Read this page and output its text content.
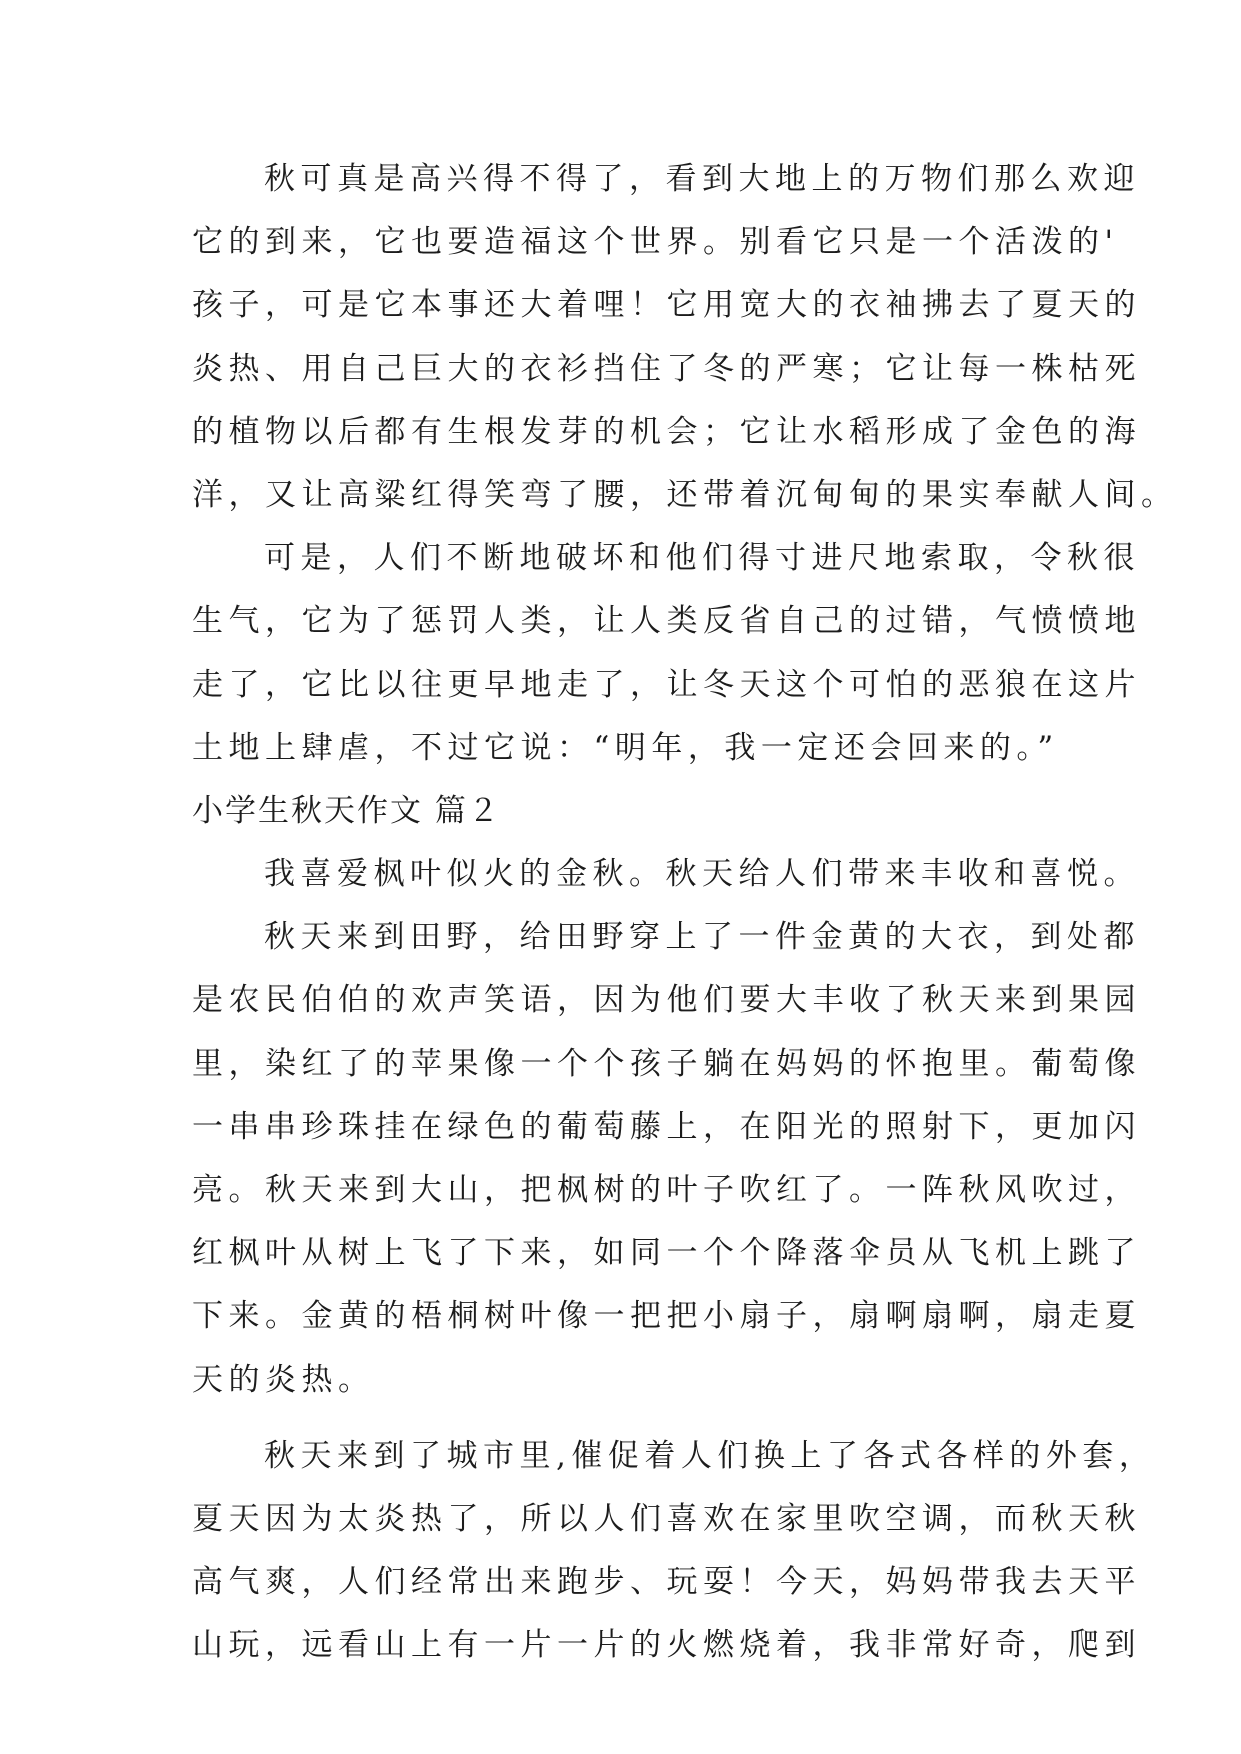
秋可真是高兴得不得了，看到大地上的万物们那么欢迎
它的到来，它也要造福这个世界。别看它只是一个活泼的'
孩子，可是它本事还大着哩！它用宽大的衣袖拂去了夏天的
炎热、用自己巨大的衣衫挡住了冬的严寒；它让每一株枯死
的植物以后都有生根发芽的机会；它让水稻形成了金色的海
洋，又让高粱红得笑弯了腰，还带着沉甸甸的果实奉献人间。
可是，人们不断地破坏和他们得寸进尺地索取，令秋很
生气，它为了惩罚人类，让人类反省自己的过错，气愤愤地
走了，它比以往更早地走了，让冬天这个可怕的恶狼在这片
土地上肆虐，不过它说：“明年，我一定还会回来的。”
小学生秋天作文 篇２
我喜爱枫叶似火的金秋。秋天给人们带来丰收和喜悦。
秋天来到田野，给田野穿上了一件金黄的大衣，到处都
是农民伯伯的欢声笑语，因为他们要大丰收了秋天来到果园
里，染红了的苹果像一个个孩子躺在妈妈的怀抱里。葡萄像
一串串珍珠挂在绿色的葡萄藤上，在阳光的照射下，更加闪
亮。秋天来到大山，把枫树的叶子吹红了。一阵秋风吹过，
红枫叶从树上飞了下来，如同一个个降落伞员从飞机上跳了
下来。金黄的梧桐树叶像一把把小扇子，扇啊扇啊，扇走夏
天的炎热。
秋天来到了城市里,催促着人们换上了各式各样的外套，
夏天因为太炎热了，所以人们喜欢在家里吹空调，而秋天秋
高气爽，人们经常出来跑步、玩耍！今天，妈妈带我去天平
山玩，远看山上有一片一片的火燃烧着，我非常好奇，爬到
